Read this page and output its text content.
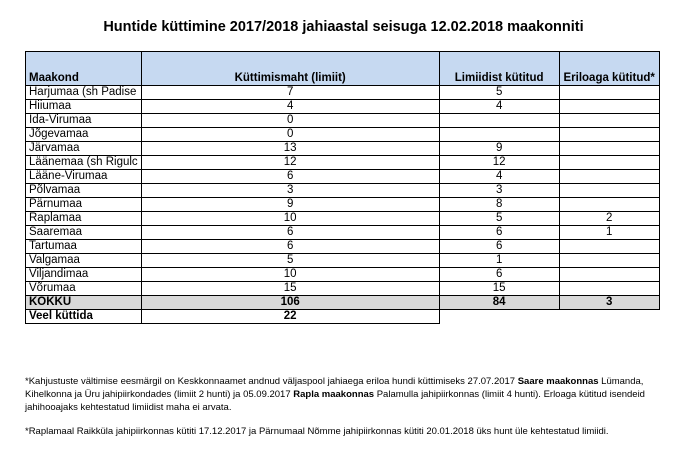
Huntide küttimine 2017/2018 jahiaastal seisuga 12.02.2018 maakonniti
Maakond	Küttimismaht (limiit)	Limiidist kütitud	Eriloaga kütitud*
Harjumaa (sh Padise	7	5	
Hiiumaa	4	4	
Ida-Virumaa	0		
Jõgevamaa	0		
Järvamaa	13	9	
Läänemaa (sh Rigulc	12	12	
Lääne-Virumaa	6	4	
Põlvamaa	3	3	
Pärnumaa	9	8	
Raplamaa	10	5	2
Saaremaa	6	6	1
Tartumaa	6	6	
Valgamaa	5	1	
Viljandimaa	10	6	
Võrumaa	15	15	
KOKKU	106	84	3
Veel küttida	22		
*Kahjustuste vältimise eesmärgil on Keskkonnaamet andnud väljaspool jahiaega eriloa hundi küttimiseks 27.07.2017 Saare maakonnas Lümanda, Kihelkonna ja Üru jahipiirkondades (limiit 2 hunti) ja 05.09.2017 Rapla maakonnas Palamulla jahipiirkonnas (limiit 4 hunti). Erloaga kütitud isendeid jahihooajaks kehtestatud limiidist maha ei arvata.
*Raplamaal Raikküla jahipiirkonnas kütiti 17.12.2017 ja Pärnumaal Nõmme jahipiirkonnas kütiti 20.01.2018 üks hunt üle kehtestatud limiidi.
